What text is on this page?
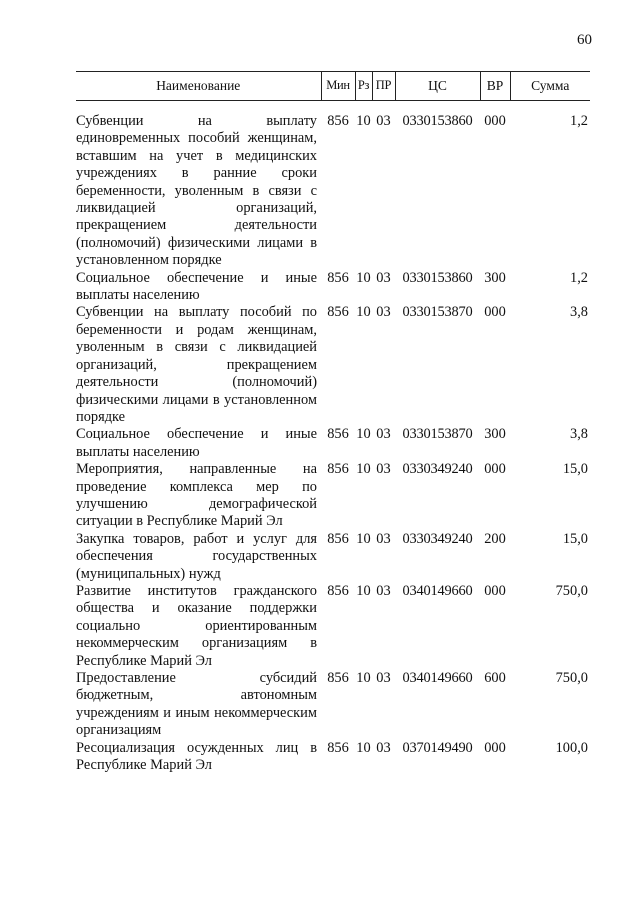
60
Наименование	Мин	Рз	ПР	ЦС	ВР	Сумма

Субвенции на выплату единовременных пособий женщинам, вставшим на учет в медицинских учреждениях в ранние сроки беременности, уволенным в связи с ликвидацией организаций, прекращением деятельности (полномочий) физическими лицами в установленном порядке	856	10	03	0330153860	000	1,2
Социальное обеспечение и иные выплаты населению	856	10	03	0330153860	300	1,2
Субвенции на выплату пособий по беременности и родам женщинам, уволенным в связи с ликвидацией организаций, прекращением деятельности (полномочий) физическими лицами в установленном порядке	856	10	03	0330153870	000	3,8
Социальное обеспечение и иные выплаты населению	856	10	03	0330153870	300	3,8
Мероприятия, направленные на проведение комплекса мер по улучшению демографической ситуации в Республике Марий Эл	856	10	03	0330349240	000	15,0
Закупка товаров, работ и услуг для обеспечения государственных (муниципальных) нужд	856	10	03	0330349240	200	15,0
Развитие институтов гражданского общества и оказание поддержки социально ориентированным некоммерческим организациям в Республике Марий Эл	856	10	03	0340149660	000	750,0
Предоставление субсидий бюджетным, автономным учреждениям и иным некоммерческим организациям	856	10	03	0340149660	600	750,0
Ресоциализация осужденных лиц в Республике Марий Эл	856	10	03	0370149490	000	100,0
